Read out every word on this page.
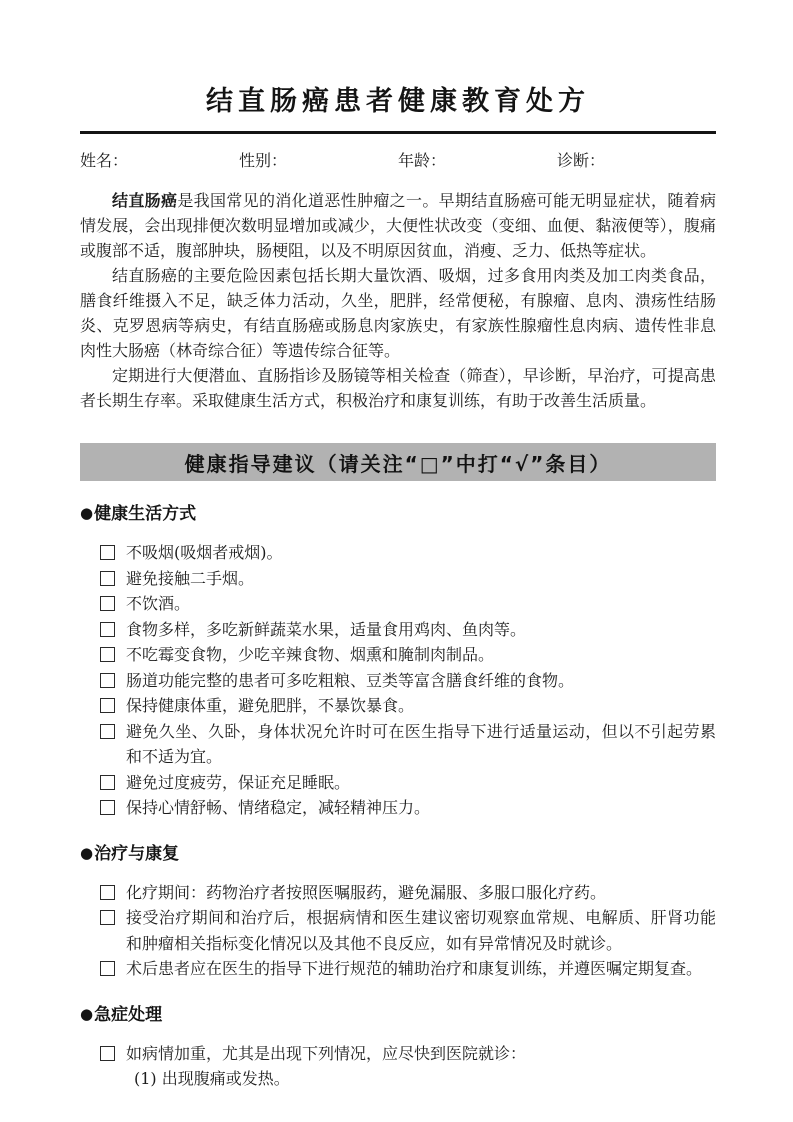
结直肠癌患者健康教育处方
姓名：	性别：	年龄：	诊断：

结直肠癌是我国常见的消化道恶性肿瘤之一。早期结直肠癌可能无明显症状，随着病情发展，会出现排便次数明显增加或减少，大便性状改变（变细、血便、黏液便等），腹痛或腹部不适，腹部肿块，肠梗阻，以及不明原因贫血，消瘦、乏力、低热等症状。

结直肠癌的主要危险因素包括长期大量饮酒、吸烟，过多食用肉类及加工肉类食品，膳食纤维摄入不足，缺乏体力活动，久坐，肥胖，经常便秘，有腺瘤、息肉、溃疡性结肠炎、克罗恩病等病史，有结直肠癌或肠息肉家族史，有家族性腺瘤性息肉病、遗传性非息肉性大肠癌（林奇综合征）等遗传综合征等。

定期进行大便潜血、直肠指诊及肠镜等相关检查（筛查），早诊断，早治疗，可提高患者长期生存率。采取健康生活方式，积极治疗和康复训练，有助于改善生活质量。

健康指导建议（请关注“□”中打“√”条目）
●健康生活方式
不吸烟(吸烟者戒烟)。
避免接触二手烟。
不饮酒。
食物多样，多吃新鲜蔬菜水果，适量食用鸡肉、鱼肉等。
不吃霉变食物，少吃辛辣食物、烟熏和腌制肉制品。
肠道功能完整的患者可多吃粗粮、豆类等富含膳食纤维的食物。
保持健康体重，避免肥胖，不暴饮暴食。
避免久坐、久卧，身体状况允许时可在医生指导下进行适量运动，但以不引起劳累和不适为宜。
避免过度疲劳，保证充足睡眠。
保持心情舒畅、情绪稳定，减轻精神压力。
●治疗与康复
化疗期间：药物治疗者按照医嘱服药，避免漏服、多服口服化疗药。
接受治疗期间和治疗后，根据病情和医生建议密切观察血常规、电解质、肝肾功能和肿瘤相关指标变化情况以及其他不良反应，如有异常情况及时就诊。
术后患者应在医生的指导下进行规范的辅助治疗和康复训练，并遵医嘱定期复查。
●急症处理
如病情加重，尤其是出现下列情况，应尽快到医院就诊：
(1) 出现腹痛或发热。
